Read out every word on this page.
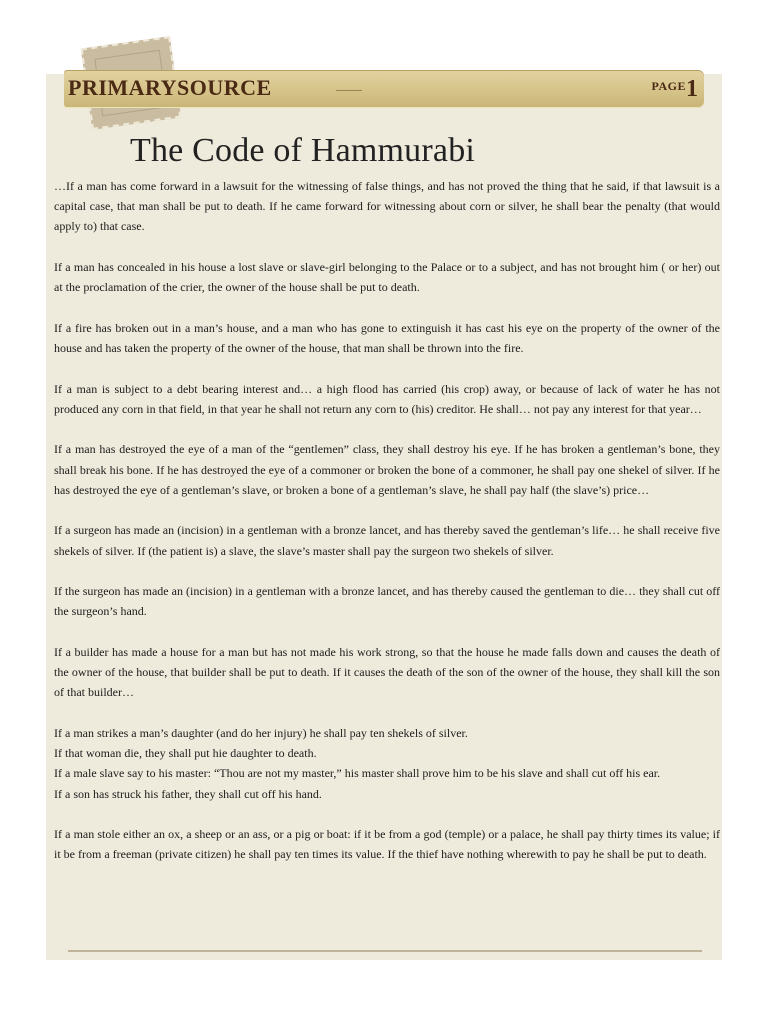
PRIMARYSOURCE	$^{PAGE}$1
The Code of Hammurabi

…If a man has come forward in a lawsuit for the witnessing of false things, and has not proved the thing that he said, if that lawsuit is a capital case, that man shall be put to death. If he came forward for witnessing about corn or silver, he shall bear the penalty (that would apply to) that case.

If a man has concealed in his house a lost slave or slave-girl belonging to the Palace or to a subject, and has not brought him ( or her) out at the proclamation of the crier, the owner of the house shall be put to death.

If a fire has broken out in a man’s house, and a man who has gone to extinguish it has cast his eye on the property of the owner of the house and has taken the property of the owner of the house, that man shall be thrown into the fire.

If a man is subject to a debt bearing interest and… a high flood has carried (his crop) away, or because of lack of water he has not produced any corn in that field, in that year he shall not return any corn to (his) creditor. He shall… not pay any interest for that year…

If a man has destroyed the eye of a man of the “gentlemen” class, they shall destroy his eye. If he has broken a gentleman’s bone, they shall break his bone. If he has destroyed the eye of a commoner or broken the bone of a commoner, he shall pay one shekel of silver. If he has destroyed the eye of a gentleman’s slave, or broken a bone of a gentleman’s slave, he shall pay half (the slave’s) price…

If a surgeon has made an (incision) in a gentleman with a bronze lancet, and has thereby saved the gentleman’s life… he shall receive five shekels of silver. If (the patient is) a slave, the slave’s master shall pay the surgeon two shekels of silver.

If the surgeon has made an (incision) in a gentleman with a bronze lancet, and has thereby caused the gentleman to die… they shall cut off the surgeon’s hand.

If a builder has made a house for a man but has not made his work strong, so that the house he made falls down and causes the death of the owner of the house, that builder shall be put to death. If it causes the death of the son of the owner of the house, they shall kill the son of that builder…

If a man strikes a man’s daughter (and do her injury) he shall pay ten shekels of silver.
If that woman die, they shall put hie daughter to death.
If a male slave say to his master: “Thou are not my master,” his master shall prove him to be his slave and shall cut off his ear.
If a son has struck his father, they shall cut off his hand.

If a man stole either an ox, a sheep or an ass, or a pig or boat: if it be from a god (temple) or a palace, he shall pay thirty times its value; if it be from a freeman (private citizen) he shall pay ten times its value. If the thief have nothing wherewith to pay he shall be put to death.
